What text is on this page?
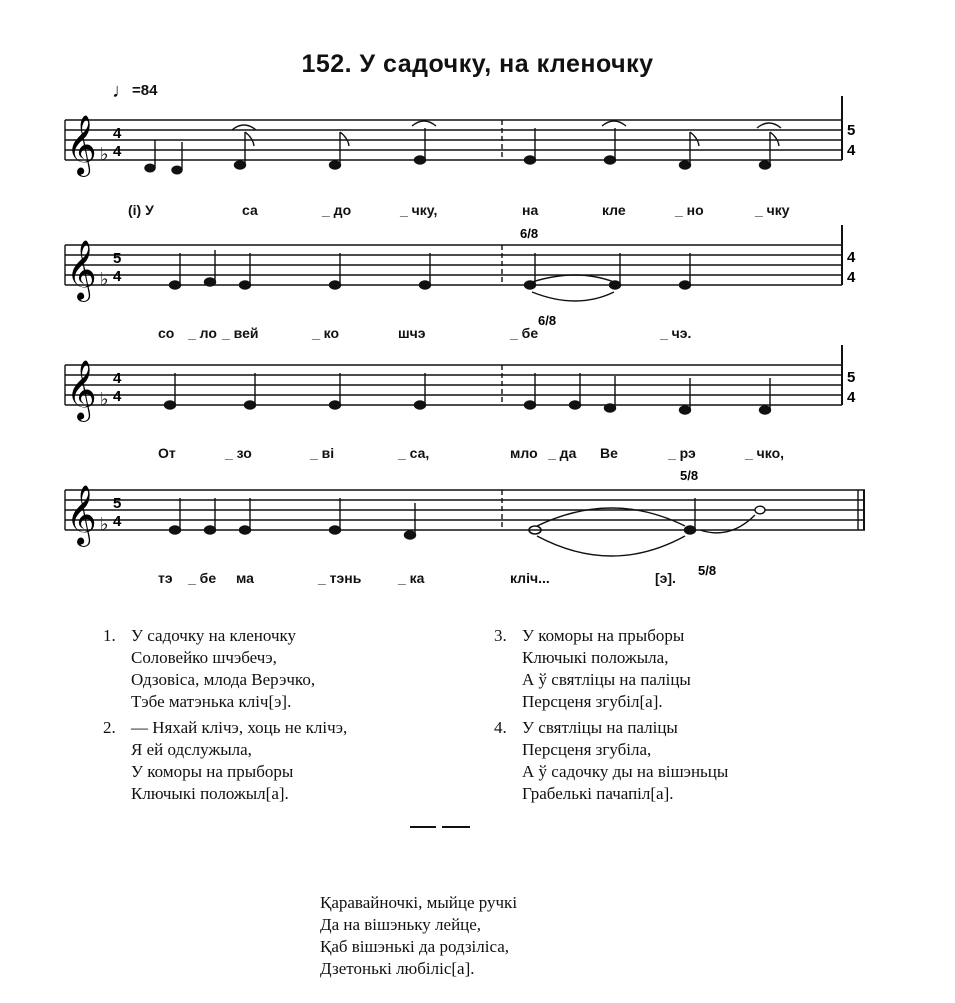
152. У садочку, на кленочку
♩=84
𝄞 ♭
4
4
5
4
(і) У	са	_ до	_ чку,	на	кле	_ но	_ чку
𝄞 ♭
5
4
4
4
6/8
6/8
со _ ло _ вей	_ ко	шчэ	_ бе	_ чэ.
𝄞 ♭
4
4
5
4
От	_ зо	_ ві	_ са,	мло _ да Ве	_ рэ	_ чко,
𝄞 ♭
5
4
5/8
5/8
тэ _ бе ма	_ тэнь	_ ка	кліч...	[э].
1. У садочку на кленочку
Соловейко шчэбечэ,
Одзовіса, млода Верэчко,
Тэбе матэнька кліч[э].
2. — Няхай клічэ, хоць не клічэ,
Я ей одслужыла,
У коморы на прыборы
Ключыкі положыл[а].
3. У коморы на прыборы
Ключыкі положыла,
А ў святліцы на паліцы
Персценя згубіл[а].
4. У святліцы на паліцы
Персценя згубіла,
А ў садочку ды на вішэньцы
Грабелькі пачапіл[а].
Қаравайночкі, мыйце ручкі
Да на вішэньку лейце,
Қаб вішэнькі да родзіліса,
Дзетонькі любіліс[а].
